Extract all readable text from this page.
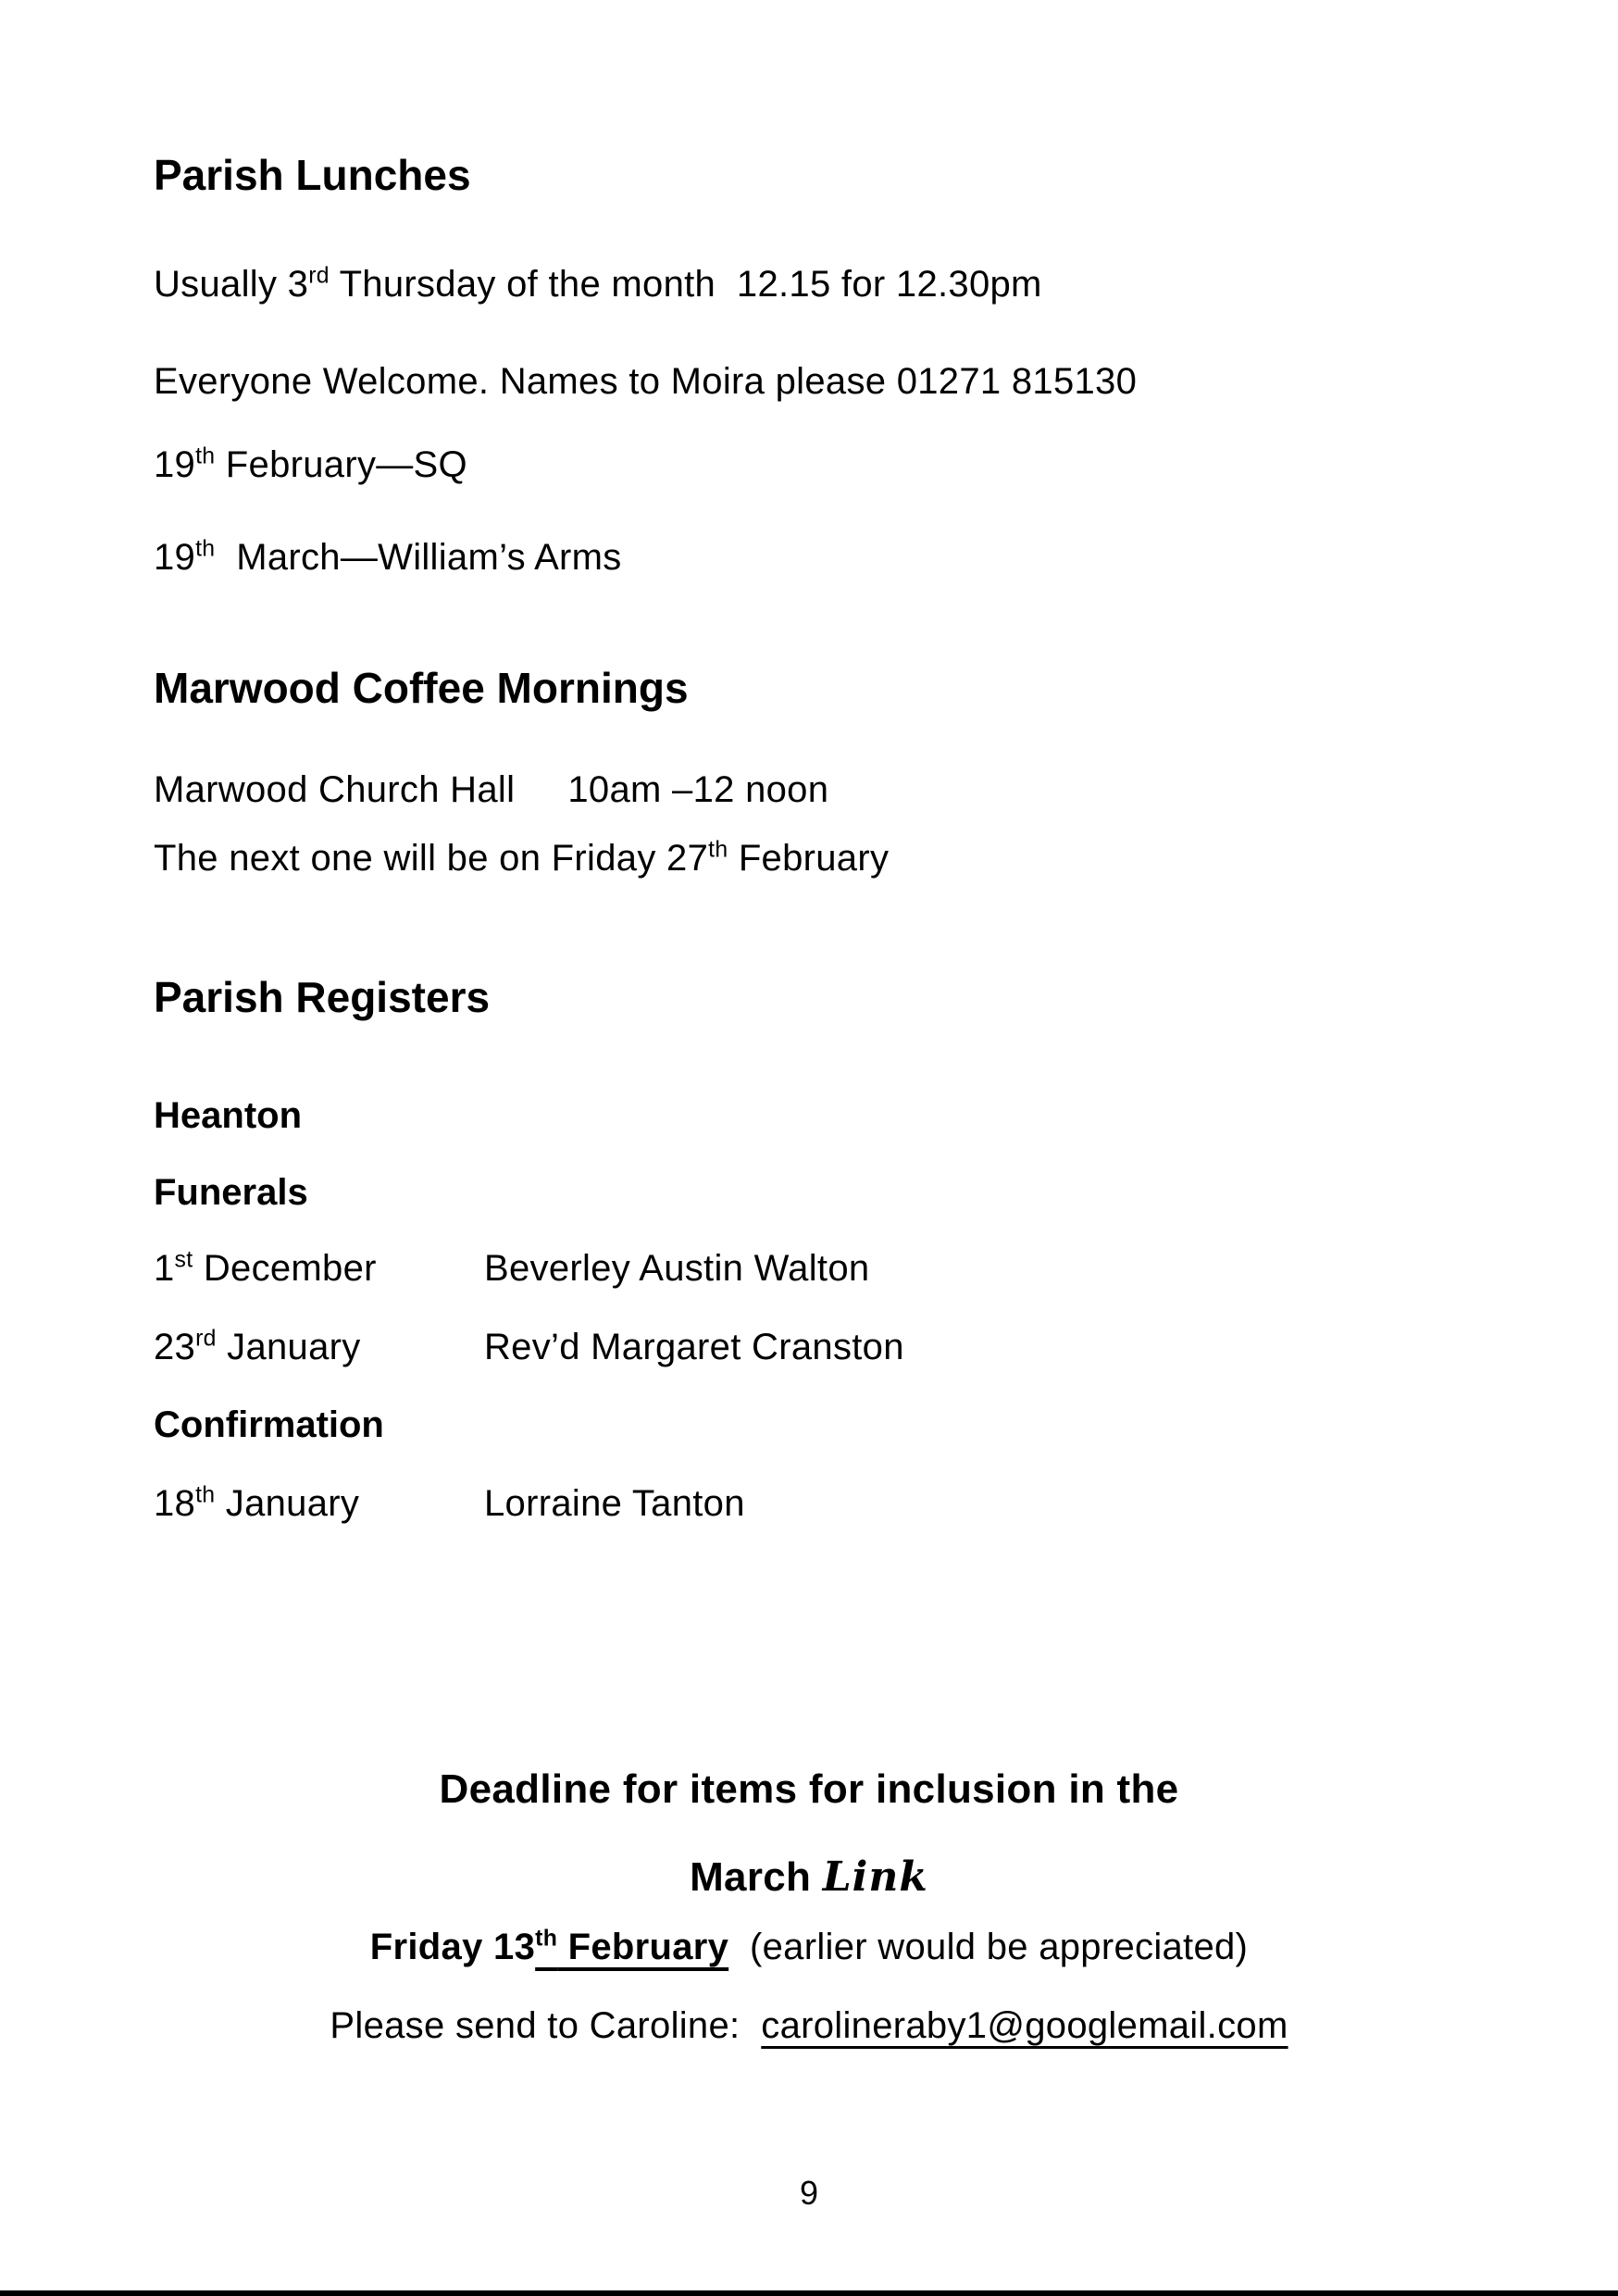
Parish Lunches

Usually 3rd Thursday of the month  12.15 for 12.30pm

Everyone Welcome. Names to Moira please 01271 815130

19th February—SQ

19th  March—William’s Arms

Marwood Coffee Mornings

Marwood Church Hall     10am –12 noon

The next one will be on Friday 27th February

Parish Registers
Heanton
Funerals
1st December	Beverley Austin Walton
23rd January	Rev’d Margaret Cranston
Confirmation
18th January	Lorraine Tanton

Deadline for items for inclusion in the

March Link

Friday 13th February  (earlier would be appreciated)

Please send to Caroline:  carolineraby1@googlemail.com

9
